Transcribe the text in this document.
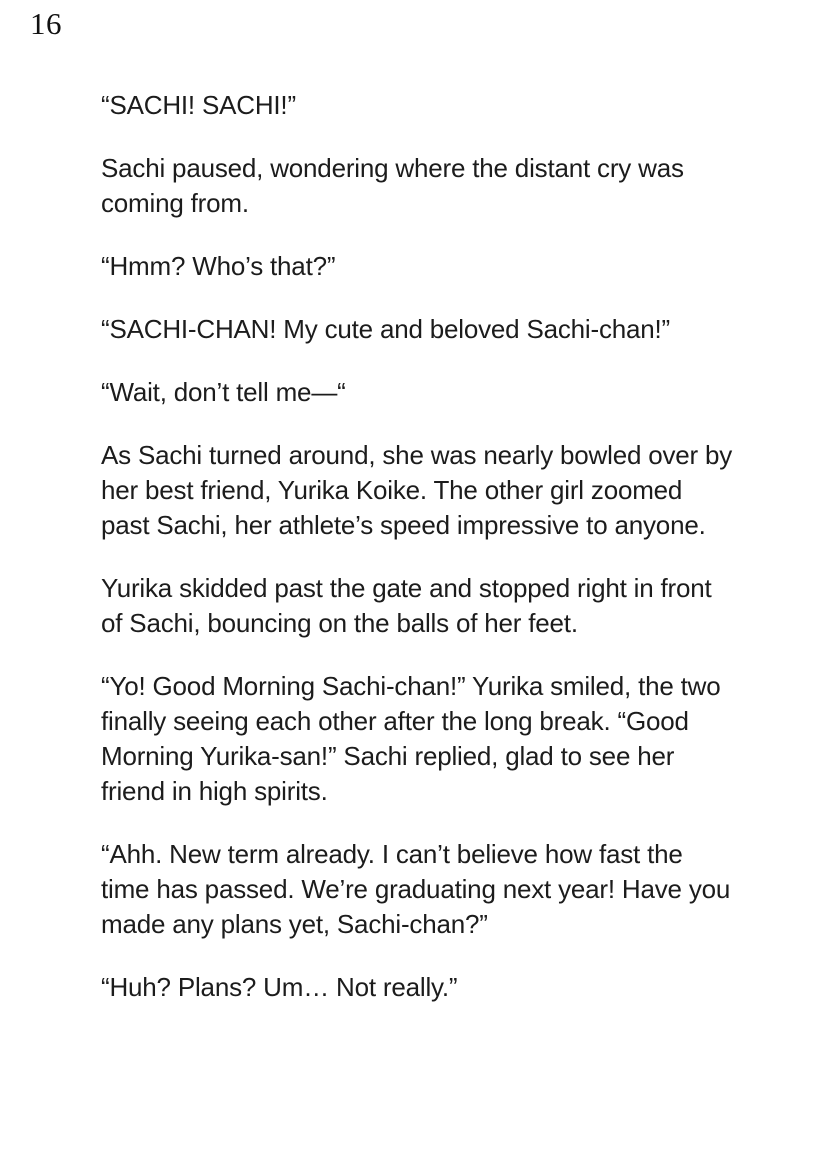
16

“SACHI! SACHI!”

Sachi paused, wondering where the distant cry was coming from.

“Hmm? Who’s that?”

“SACHI-CHAN! My cute and beloved Sachi-chan!”

“Wait, don’t tell me—“

As Sachi turned around, she was nearly bowled over by her best friend, Yurika Koike. The other girl zoomed past Sachi, her athlete’s speed impressive to anyone.

Yurika skidded past the gate and stopped right in front of Sachi, bouncing on the balls of her feet.

“Yo! Good Morning Sachi-chan!” Yurika smiled, the two finally seeing each other after the long break. “Good Morning Yurika-san!” Sachi replied, glad to see her friend in high spirits.

“Ahh. New term already. I can’t believe how fast the time has passed. We’re graduating next year! Have you made any plans yet, Sachi-chan?”

“Huh? Plans? Um… Not really.”
